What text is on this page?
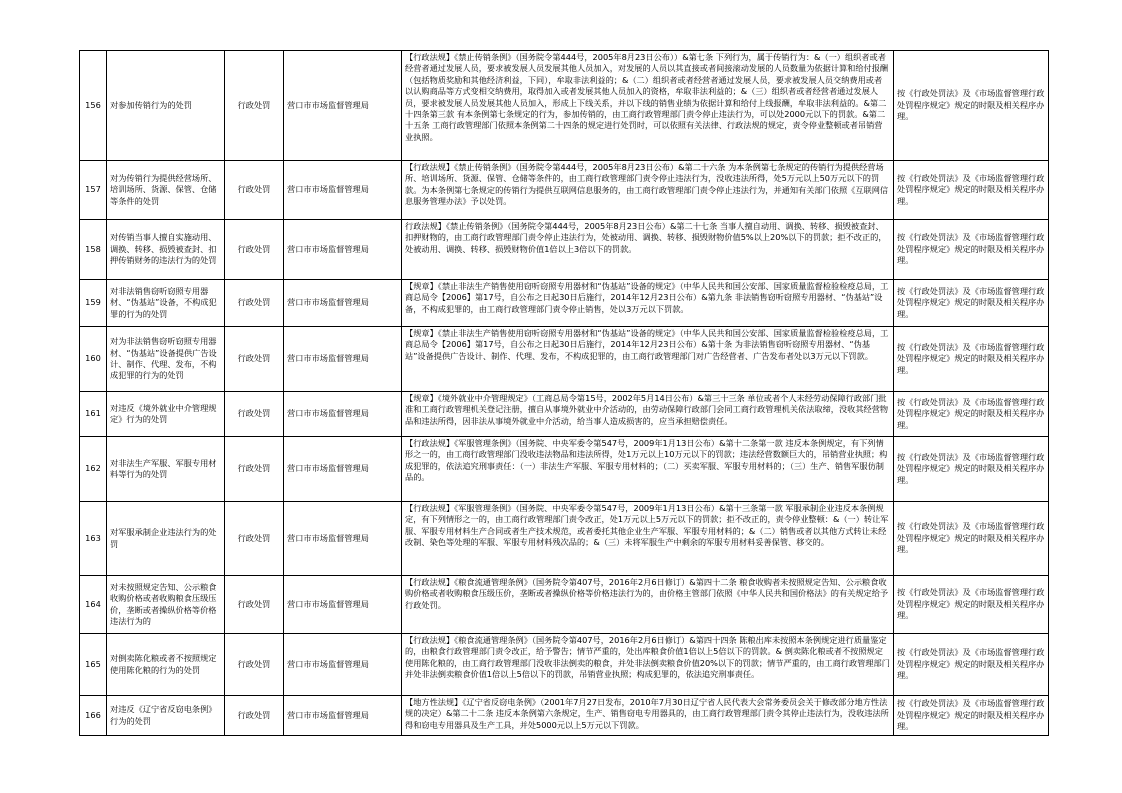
156	对参加传销行为的处罚	行政处罚	营口市市场监督管理局	【行政法规】《禁止传销条例》（国务院令第444号，2005年8月23日公布））&第七条 下列行为，属于传销行为：&（一）组织者或者经营者通过发展人员，要求被发展人员发展其他人员加入，对发展的人员以其直接或者间接滚动发展的人员数量为依据计算和给付报酬（包括物质奖励和其他经济利益，下同），牟取非法利益的；&（二）组织者或者经营者通过发展人员，要求被发展人员交纳费用或者以认购商品等方式变相交纳费用，取得加入或者发展其他人员加入的资格，牟取非法利益的；&（三）组织者或者经营者通过发展人员，要求被发展人员发展其他人员加入，形成上下线关系，并以下线的销售业绩为依据计算和给付上线报酬，牟取非法利益的。&第二十四条第三款 有本条例第七条规定的行为，参加传销的，由工商行政管理部门责令停止违法行为，可以处2000元以下的罚款。&第二十五条 工商行政管理部门依照本条例第二十四条的规定进行处罚时，可以依照有关法律、行政法规的规定，责令停业整顿或者吊销营业执照。	按《行政处罚法》及《市场监督管理行政处罚程序规定》规定的时限及相关程序办理。
157	对为传销行为提供经营场所、培训场所、货源、保管、仓储等条件的处罚	行政处罚	营口市市场监督管理局	【行政法规】《禁止传销条例》（国务院令第444号，2005年8月23日公布）&第二十六条 为本条例第七条规定的传销行为提供经营场所、培训场所、货源、保管、仓储等条件的，由工商行政管理部门责令停止违法行为，没收违法所得，处5万元以上50万元以下的罚款。为本条例第七条规定的传销行为提供互联网信息服务的，由工商行政管理部门责令停止违法行为，并通知有关部门依照《互联网信息服务管理办法》予以处罚。	按《行政处罚法》及《市场监督管理行政处罚程序规定》规定的时限及相关程序办理。
158	对传销当事人擅自实施动用、调换、转移、损毁被查封、扣押传销财务的违法行为的处罚	行政处罚	营口市市场监督管理局	行政法规】《禁止传销条例》（国务院令第444号，2005年8月23日公布）&第二十七条 当事人擅自动用、调换、转移、损毁被查封、扣押财物的，由工商行政管理部门责令停止违法行为，处被动用、调换、转移、损毁财物价值5%以上20%以下的罚款；拒不改正的，处被动用、调换、转移、损毁财物价值1倍以上3倍以下的罚款。	按《行政处罚法》及《市场监督管理行政处罚程序规定》规定的时限及相关程序办理。
159	对非法销售窃听窃照专用器材、“伪基站”设备，不构成犯罪的行为的处罚	行政处罚	营口市市场监督管理局	【规章】《禁止非法生产销售使用窃听窃照专用器材和“伪基站”设备的规定》（中华人民共和国公安部、国家质量监督检验检疫总局，工商总局令【2006】第17号，自公布之日起30日后施行，2014年12月23日公布）&第九条 非法销售窃听窃照专用器材、“伪基站”设备，不构成犯罪的，由工商行政管理部门责令停止销售，处以3万元以下罚款。	按《行政处罚法》及《市场监督管理行政处罚程序规定》规定的时限及相关程序办理。
160	对为非法销售窃听窃照专用器材、“伪基站”设备提供广告设计、制作、代理、发布，不构成犯罪的行为的处罚	行政处罚	营口市市场监督管理局	【规章】《禁止非法生产销售使用窃听窃照专用器材和“伪基站”设备的规定》（中华人民共和国公安部、国家质量监督检验检疫总局，工商总局令【2006】第17号，自公布之日起30日后施行，2014年12月23日公布）&第十条 为非法销售窃听窃照专用器材、“伪基站”设备提供广告设计、制作、代理、发布，不构成犯罪的，由工商行政管理部门对广告经营者、广告发布者处以3万元以下罚款。	按《行政处罚法》及《市场监督管理行政处罚程序规定》规定的时限及相关程序办理。
161	对违反《境外就业中介管理规定》行为的处罚	行政处罚	营口市市场监督管理局	【规章】《境外就业中介管理规定》（工商总局令第15号，2002年5月14日公布）&第三十三条 单位或者个人未经劳动保障行政部门批准和工商行政管理机关登记注册，擅自从事境外就业中介活动的，由劳动保障行政部门会同工商行政管理机关依法取缔，没收其经营物品和违法所得，因非法从事境外就业中介活动，给当事人造成损害的，应当承担赔偿责任。	按《行政处罚法》及《市场监督管理行政处罚程序规定》规定的时限及相关程序办理。
162	对非法生产军服、军服专用材料等行为的处罚	行政处罚	营口市市场监督管理局	【行政法规】《军服管理条例》（国务院、中央军委令第547号，2009年1月13日公布）&第十二条第一款 违反本条例规定，有下列情形之一的，由工商行政管理部门没收违法物品和违法所得，处1万元以上10万元以下的罚款；违法经营数额巨大的，吊销营业执照；构成犯罪的，依法追究刑事责任：（一）非法生产军服、军服专用材料的；（二）买卖军服、军服专用材料的；（三）生产、销售军服仿制品的。	按《行政处罚法》及《市场监督管理行政处罚程序规定》规定的时限及相关程序办理。
163	对军服承制企业违法行为的处罚	行政处罚	营口市市场监督管理局	【行政法规】《军服管理条例》（国务院、中央军委令第547号，2009年1月13日公布）&第十三条第一款 军服承制企业违反本条例规定，有下列情形之一的，由工商行政管理部门责令改正，处1万元以上5万元以下的罚款；拒不改正的，责令停业整顿：&（一）转让军服、军服专用材料生产合同或者生产技术规范，或者委托其他企业生产军服、军服专用材料的；&（二）销售或者以其他方式转让未经改制、染色等处理的军服、军服专用材料残次品的；&（三）未将军服生产中剩余的军服专用材料妥善保管、移交的。	按《行政处罚法》及《市场监督管理行政处罚程序规定》规定的时限及相关程序办理。
164	对未按照规定告知、公示粮食收购价格或者收购粮食压级压价，垄断或者操纵价格等价格违法行为的	行政处罚	营口市市场监督管理局	【行政法规】《粮食流通管理条例》（国务院令第407号，2016年2月6日修订）&第四十二条 粮食收购者未按照规定告知、公示粮食收购价格或者收购粮食压级压价，垄断或者操纵价格等价格违法行为的，由价格主管部门依照《中华人民共和国价格法》的有关规定给予行政处罚。	按《行政处罚法》及《市场监督管理行政处罚程序规定》规定的时限及相关程序办理。
165	对倒卖陈化粮或者不按照规定使用陈化粮的行为的处罚	行政处罚	营口市市场监督管理局	【行政法规】《粮食流通管理条例》（国务院令第407号，2016年2月6日修订）&第四十四条 陈粮出库未按照本条例规定进行质量鉴定的，由粮食行政管理部门责令改正，给予警告；情节严重的，处出库粮食价值1倍以上5倍以下的罚款。& 倒卖陈化粮或者不按照规定使用陈化粮的，由工商行政管理部门没收非法倒卖的粮食，并处非法倒卖粮食价值20%以下的罚款；情节严重的，由工商行政管理部门并处非法倒卖粮食价值1倍以上5倍以下的罚款，吊销营业执照；构成犯罪的，依法追究刑事责任。	按《行政处罚法》及《市场监督管理行政处罚程序规定》规定的时限及相关程序办理。
166	对违反《辽宁省反窃电条例》行为的处罚	行政处罚	营口市市场监督管理局	【地方性法规】《辽宁省反窃电条例》（2001年7月27日发布，2010年7月30日辽宁省人民代表大会常务委员会关于修改部分地方性法规的决定）&第二十二条 违反本条例第六条规定，生产、销售窃电专用器具的，由工商行政管理部门责令其停止违法行为，没收违法所得和窃电专用器具及生产工具，并处5000元以上5万元以下罚款。	按《行政处罚法》及《市场监督管理行政处罚程序规定》规定的时限及相关程序办理。
